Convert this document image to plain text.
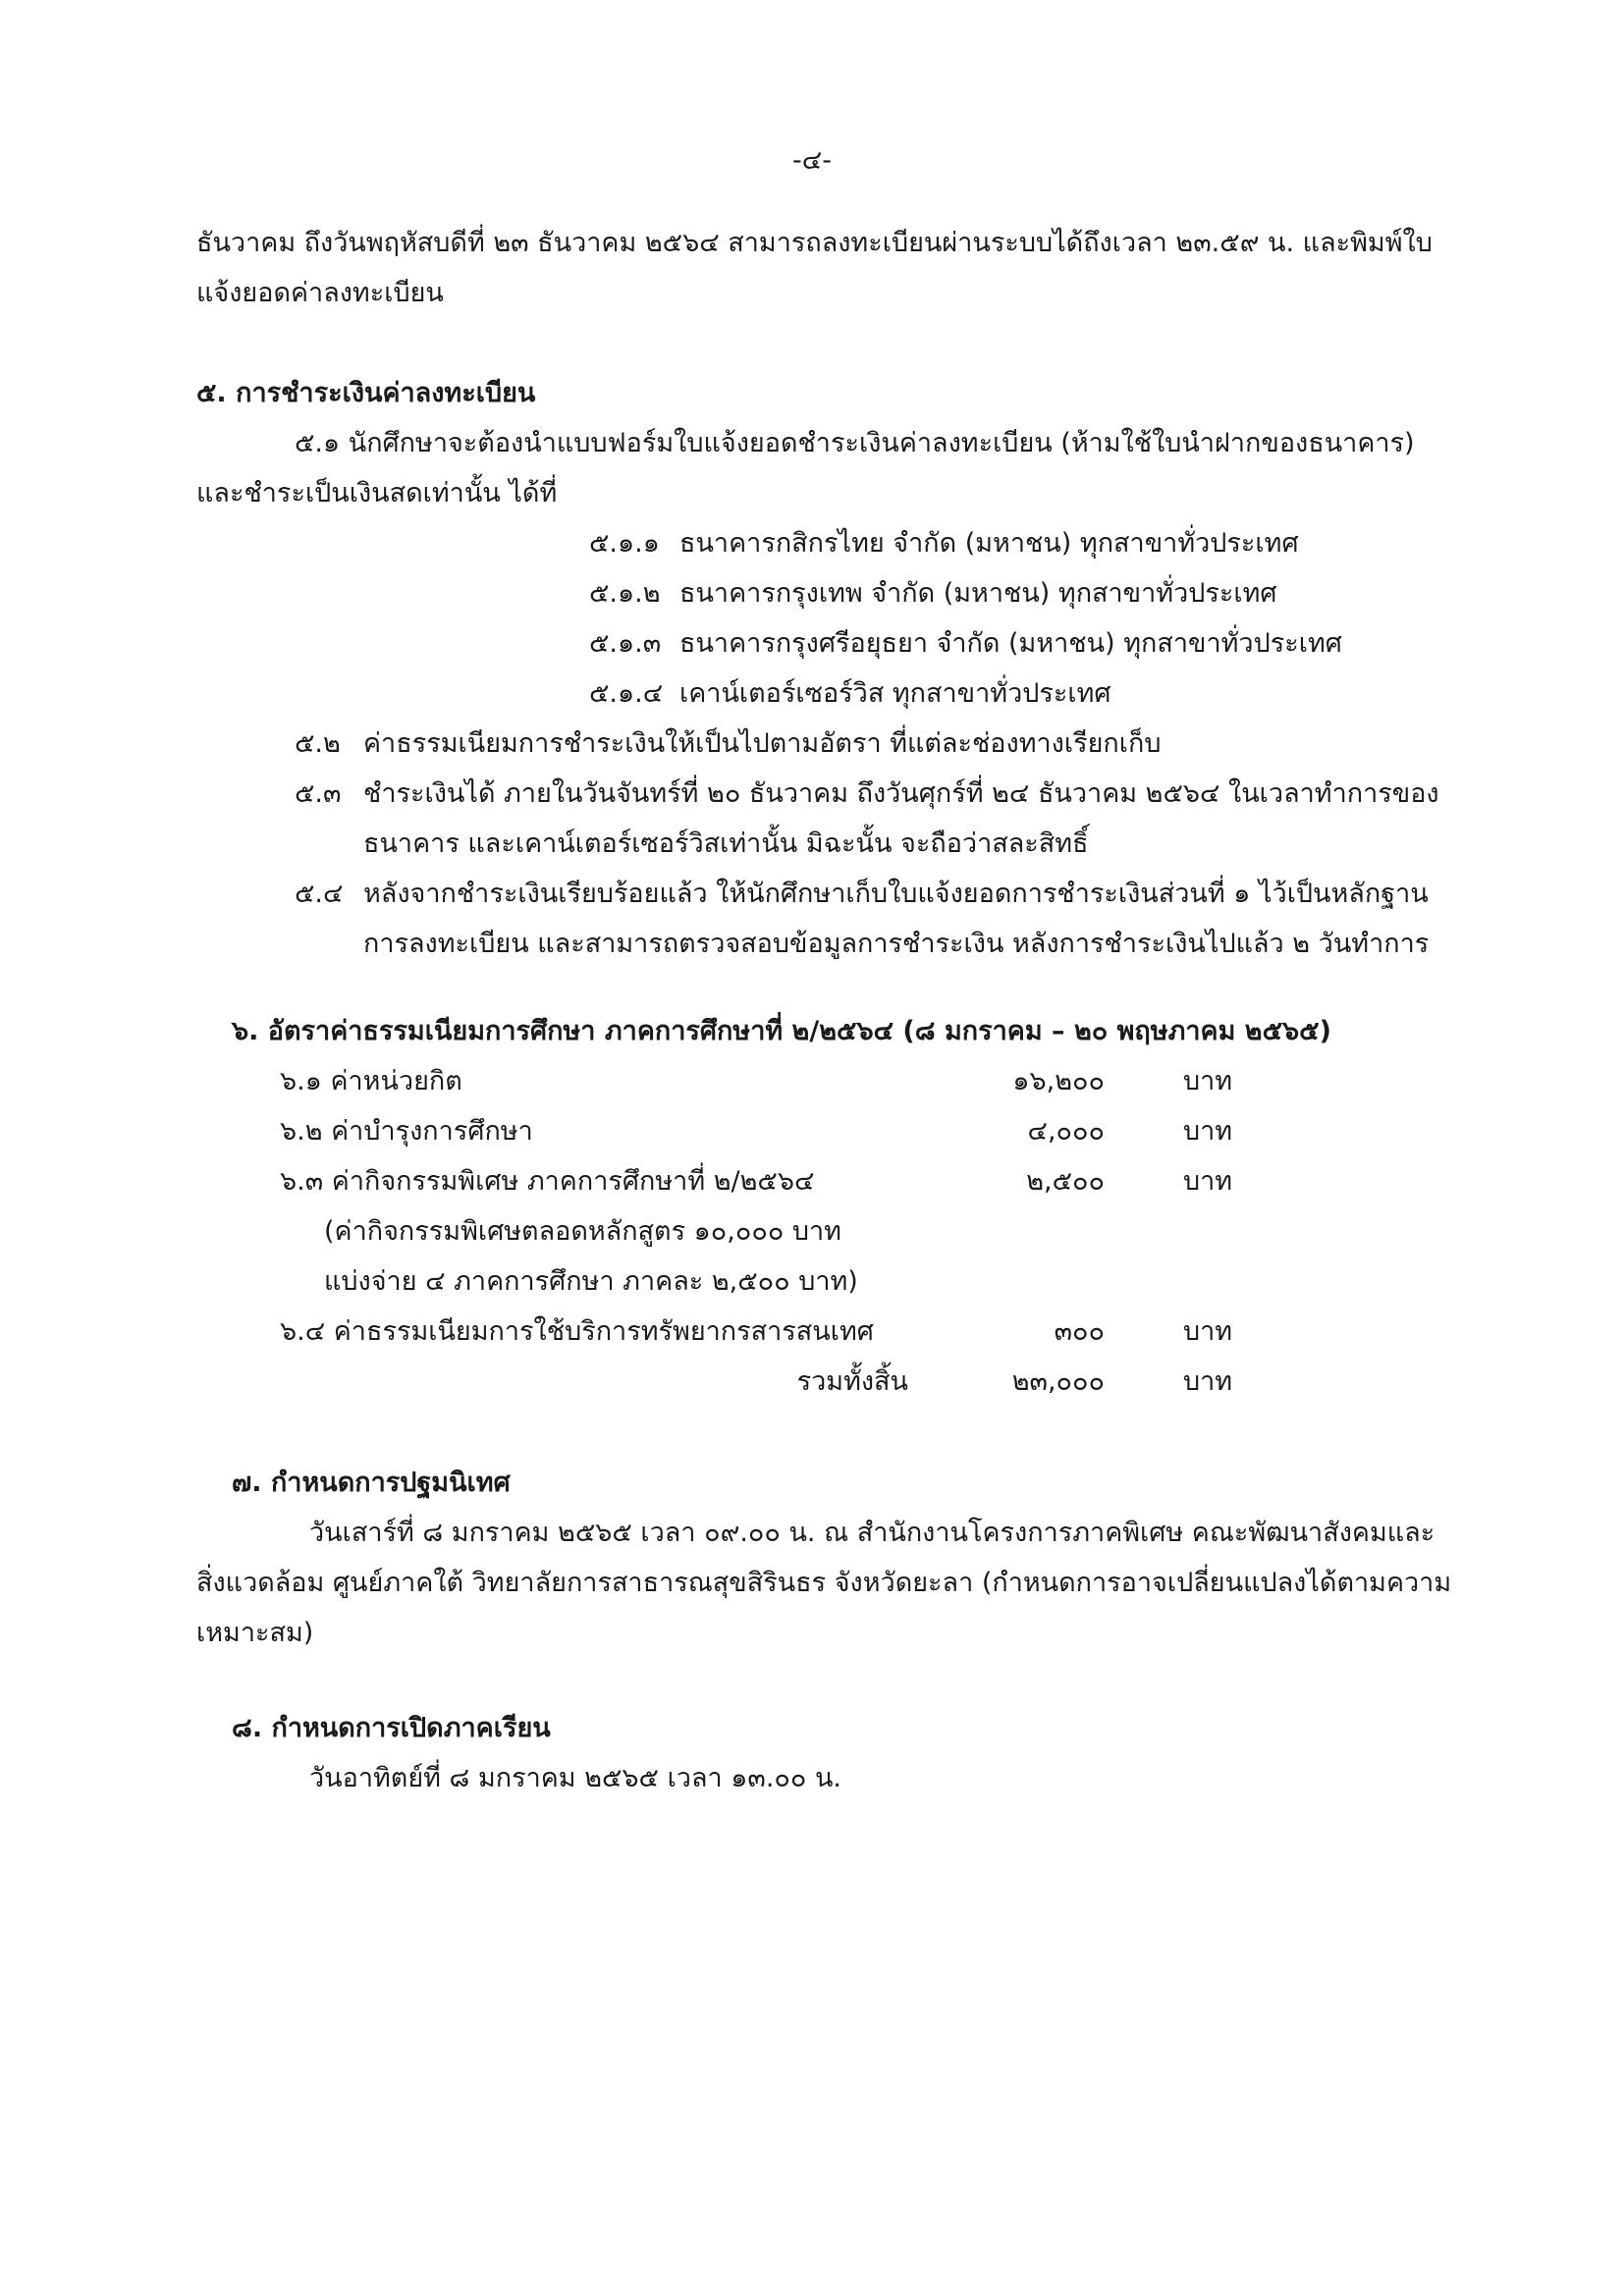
-๔-
ธันวาคม ถึงวันพฤหัสบดีที่ ๒๓ ธันวาคม ๒๕๖๔ สามารถลงทะเบียนผ่านระบบได้ถึงเวลา ๒๓.๕๙ น. และพิมพ์ใบ
แจ้งยอดค่าลงทะเบียน
๕. การชำระเงินค่าลงทะเบียน
๕.๑ นักศึกษาจะต้องนำแบบฟอร์มใบแจ้งยอดชำระเงินค่าลงทะเบียน (ห้ามใช้ใบนำฝากของธนาคาร)
และชำระเป็นเงินสดเท่านั้น ได้ที่
๕.๑.๑ ธนาคารกสิกรไทย จำกัด (มหาชน) ทุกสาขาทั่วประเทศ
๕.๑.๒ ธนาคารกรุงเทพ จำกัด (มหาชน) ทุกสาขาทั่วประเทศ
๕.๑.๓ ธนาคารกรุงศรีอยุธยา จำกัด (มหาชน) ทุกสาขาทั่วประเทศ
๕.๑.๔ เคาน์เตอร์เซอร์วิส ทุกสาขาทั่วประเทศ
๕.๒ ค่าธรรมเนียมการชำระเงินให้เป็นไปตามอัตรา ที่แต่ละช่องทางเรียกเก็บ
๕.๓ ชำระเงินได้ ภายในวันจันทร์ที่ ๒๐ ธันวาคม ถึงวันศุกร์ที่ ๒๔ ธันวาคม ๒๕๖๔ ในเวลาทำการของ
ธนาคาร และเคาน์เตอร์เซอร์วิสเท่านั้น มิฉะนั้น จะถือว่าสละสิทธิ์
๕.๔ หลังจากชำระเงินเรียบร้อยแล้ว ให้นักศึกษาเก็บใบแจ้งยอดการชำระเงินส่วนที่ ๑ ไว้เป็นหลักฐาน
การลงทะเบียน และสามารถตรวจสอบข้อมูลการชำระเงิน หลังการชำระเงินไปแล้ว ๒ วันทำการ
๖. อัตราค่าธรรมเนียมการศึกษา ภาคการศึกษาที่ ๒/๒๕๖๔ (๘ มกราคม – ๒๐ พฤษภาคม ๒๕๖๕)
๖.๑ ค่าหน่วยกิต	๑๖,๒๐๐	บาท
๖.๒ ค่าบำรุงการศึกษา	๔,๐๐๐	บาท
๖.๓ ค่ากิจกรรมพิเศษ ภาคการศึกษาที่ ๒/๒๕๖๔	๒,๕๐๐	บาท
(ค่ากิจกรรมพิเศษตลอดหลักสูตร ๑๐,๐๐๐ บาท
แบ่งจ่าย ๔ ภาคการศึกษา ภาคละ ๒,๕๐๐ บาท)
๖.๔ ค่าธรรมเนียมการใช้บริการทรัพยากรสารสนเทศ	๓๐๐	บาท
รวมทั้งสิ้น	๒๓,๐๐๐	บาท
๗. กำหนดการปฐมนิเทศ
วันเสาร์ที่ ๘ มกราคม ๒๕๖๕ เวลา ๐๙.๐๐ น. ณ สำนักงานโครงการภาคพิเศษ คณะพัฒนาสังคมและ
สิ่งแวดล้อม ศูนย์ภาคใต้ วิทยาลัยการสาธารณสุขสิรินธร จังหวัดยะลา (กำหนดการอาจเปลี่ยนแปลงได้ตามความ
เหมาะสม)
๘. กำหนดการเปิดภาคเรียน
วันอาทิตย์ที่ ๘ มกราคม ๒๕๖๕ เวลา ๑๓.๐๐ น.
